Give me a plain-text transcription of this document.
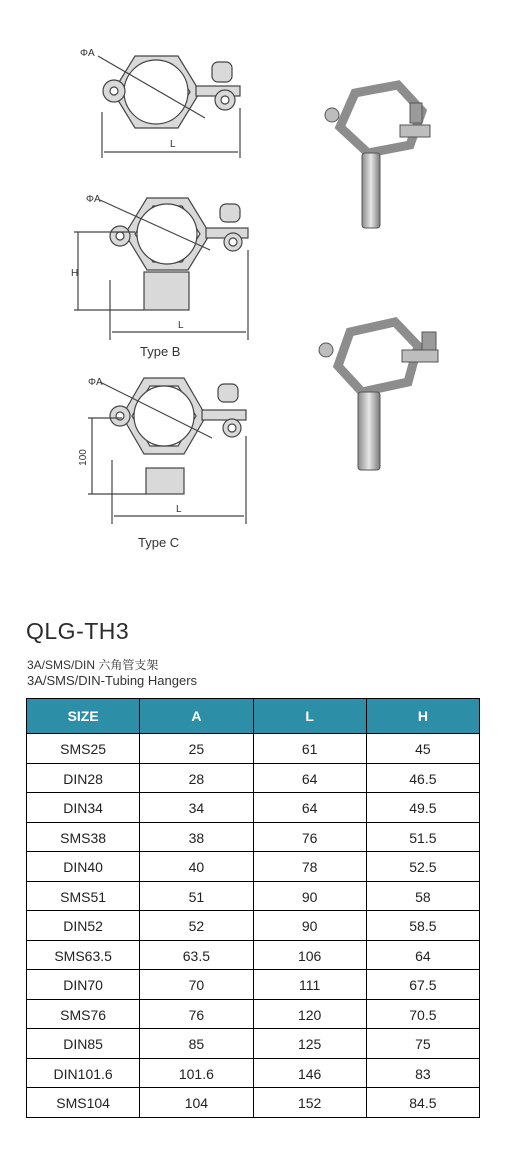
ΦA
L
ΦA
H
L
Type B
ΦA
100
L
Type C
QLG-TH3
3A/SMS/DIN 六角管支架
3A/SMS/DIN-Tubing Hangers
SIZE	A	L	H
SMS25	25	61	45
DIN28	28	64	46.5
DIN34	34	64	49.5
SMS38	38	76	51.5
DIN40	40	78	52.5
SMS51	51	90	58
DIN52	52	90	58.5
SMS63.5	63.5	106	64
DIN70	70	111	67.5
SMS76	76	120	70.5
DIN85	85	125	75
DIN101.6	101.6	146	83
SMS104	104	152	84.5
